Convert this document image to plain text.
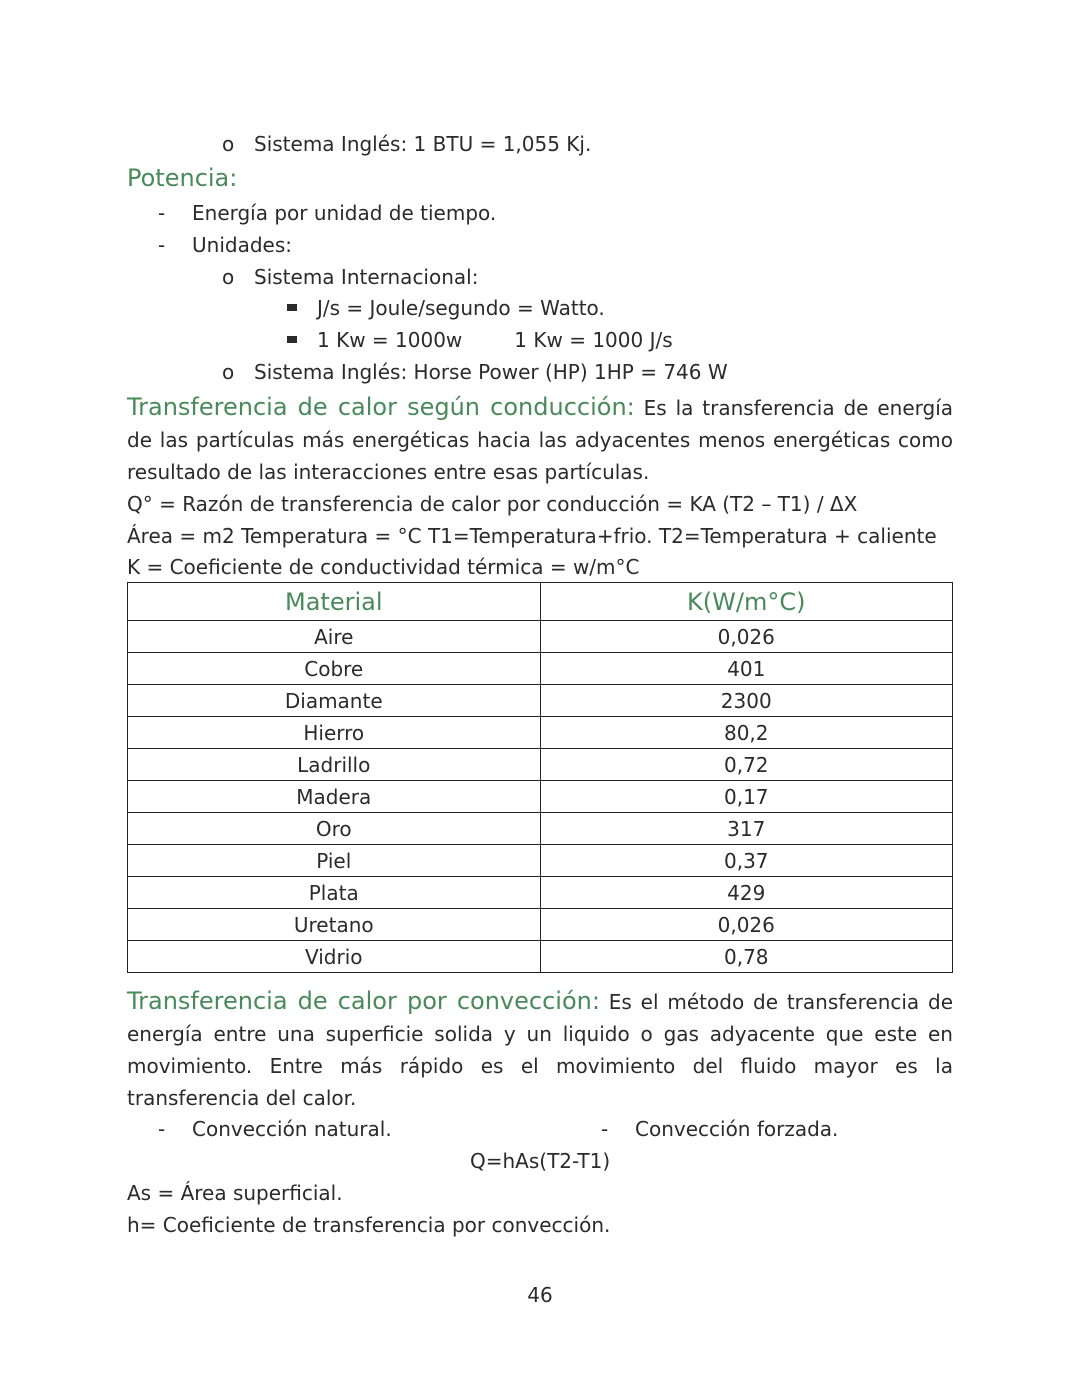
o Sistema Inglés: 1 BTU = 1,055 Kj.
Potencia:
- Energía por unidad de tiempo.
- Unidades:
o Sistema Internacional:
J/s = Joule/segundo = Watto.
1 Kw = 1000w	1 Kw = 1000 J/s
o Sistema Inglés: Horse Power (HP) 1HP = 746 W
Transferencia de calor según conducción: Es la transferencia de energía de las partículas más energéticas hacia las adyacentes menos energéticas como resultado de las interacciones entre esas partículas.
Q° = Razón de transferencia de calor por conducción = KA (T2 – T1) / ΔX
Área = m2 Temperatura = °C T1=Temperatura+frio. T2=Temperatura + caliente
K = Coeficiente de conductividad térmica = w/m°C
Material	K(W/m°C)
Aire	0,026
Cobre	401
Diamante	2300
Hierro	80,2
Ladrillo	0,72
Madera	0,17
Oro	317
Piel	0,37
Plata	429
Uretano	0,026
Vidrio	0,78
Transferencia de calor por convección: Es el método de transferencia de energía entre una superficie solida y un liquido o gas adyacente que este en movimiento. Entre más rápido es el movimiento del fluido mayor es la transferencia del calor.
- Convección natural.	- Convección forzada.
Q=hAs(T2-T1)
As = Área superficial.
h= Coeficiente de transferencia por convección.
46
